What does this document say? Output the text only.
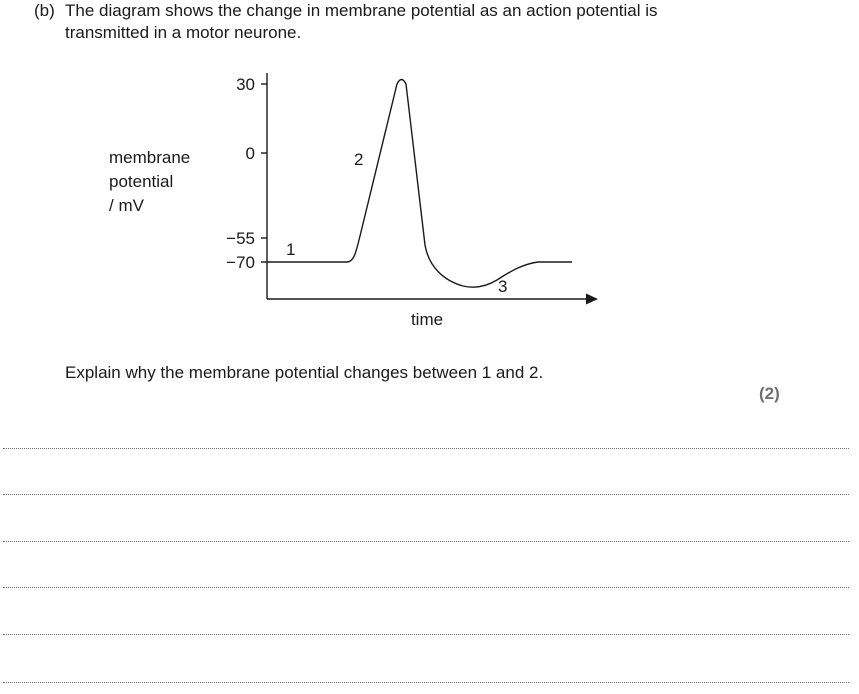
(b) The diagram shows the change in membrane potential as an action potential is
transmitted in a motor neurone.
membrane
potential
/ mV
30
0
−55
−70
1
2
3
time
Explain why the membrane potential changes between 1 and 2.
(2)
